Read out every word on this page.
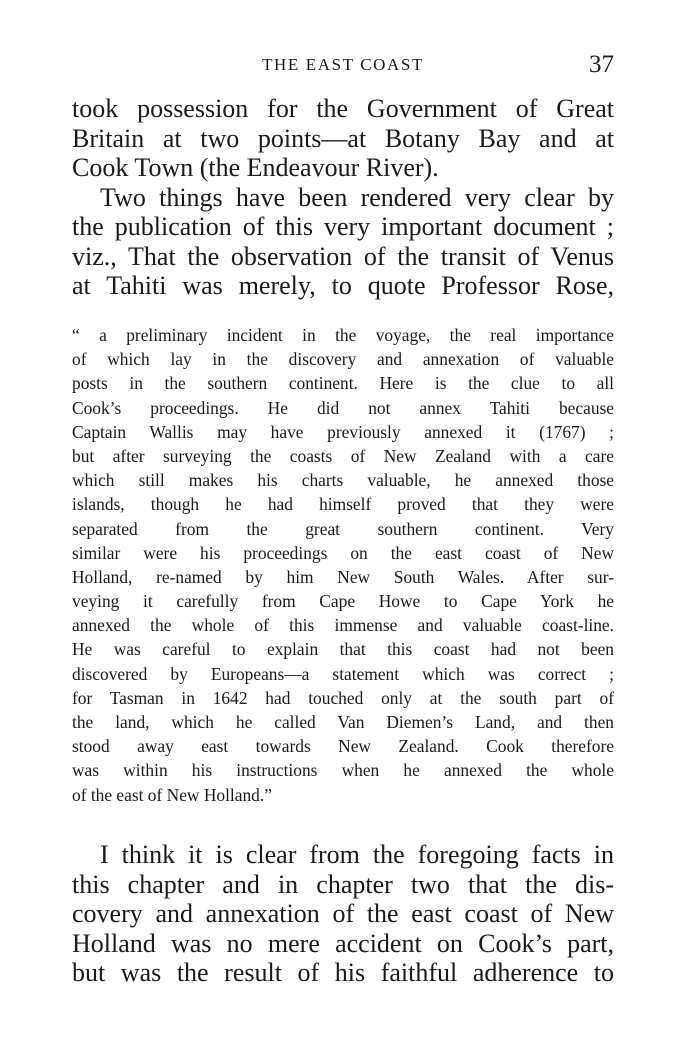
THE EAST COAST	37
took possession for the Government of Great
Britain at two points—at Botany Bay and at
Cook Town (the Endeavour River).
Two things have been rendered very clear by
the publication of this very important document ;
viz., That the observation of the transit of Venus
at Tahiti was merely, to quote Professor Rose,
“ a preliminary incident in the voyage, the real importance
of which lay in the discovery and annexation of valuable
posts in the southern continent. Here is the clue to all
Cook’s proceedings. He did not annex Tahiti because
Captain Wallis may have previously annexed it (1767) ;
but after surveying the coasts of New Zealand with a care
which still makes his charts valuable, he annexed those
islands, though he had himself proved that they were
separated from the great southern continent. Very
similar were his proceedings on the east coast of New
Holland, re-named by him New South Wales. After sur-
veying it carefully from Cape Howe to Cape York he
annexed the whole of this immense and valuable coast-line.
He was careful to explain that this coast had not been
discovered by Europeans—a statement which was correct ;
for Tasman in 1642 had touched only at the south part of
the land, which he called Van Diemen’s Land, and then
stood away east towards New Zealand. Cook therefore
was within his instructions when he annexed the whole
of the east of New Holland.”
I think it is clear from the foregoing facts in
this chapter and in chapter two that the dis-
covery and annexation of the east coast of New
Holland was no mere accident on Cook’s part,
but was the result of his faithful adherence to
